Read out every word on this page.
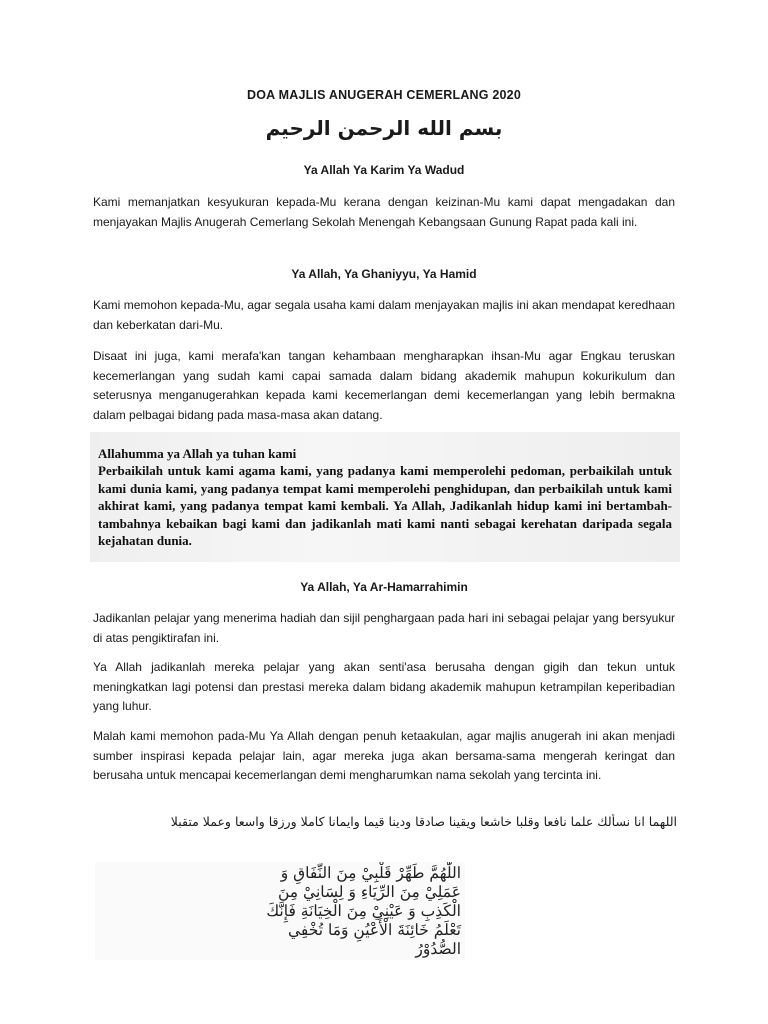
DOA MAJLIS ANUGERAH CEMERLANG 2020
بسم الله الرحمن الرحيم
Ya Allah Ya Karim Ya Wadud

Kami memanjatkan kesyukuran kepada-Mu kerana dengan keizinan-Mu kami dapat mengadakan dan menjayakan Majlis Anugerah Cemerlang Sekolah Menengah Kebangsaan Gunung Rapat pada kali ini.

Ya Allah, Ya Ghaniyyu, Ya Hamid

Kami memohon kepada-Mu, agar segala usaha kami dalam menjayakan majlis ini akan mendapat keredhaan dan keberkatan dari-Mu.

Disaat ini juga, kami merafa'kan tangan kehambaan mengharapkan ihsan-Mu agar Engkau teruskan kecemerlangan yang sudah kami capai samada dalam bidang akademik mahupun kokurikulum dan seterusnya menganugerahkan kepada kami kecemerlangan demi kecemerlangan yang lebih bermakna dalam pelbagai bidang pada masa-masa akan datang.

Allahumma ya Allah ya tuhan kami

Perbaikilah untuk kami agama kami, yang padanya kami memperolehi pedoman, perbaikilah untuk kami dunia kami, yang padanya tempat kami memperolehi penghidupan, dan perbaikilah untuk kami akhirat kami, yang padanya tempat kami kembali. Ya Allah, Jadikanlah hidup kami ini bertambah-tambahnya kebaikan bagi kami dan jadikanlah mati kami nanti sebagai kerehatan daripada segala kejahatan dunia.

Ya Allah, Ya Ar-Hamarrahimin

Jadikanlan pelajar yang menerima hadiah dan sijil penghargaan pada hari ini sebagai pelajar yang bersyukur di atas pengiktirafan ini.

Ya Allah jadikanlah mereka pelajar yang akan senti'asa berusaha dengan gigih dan tekun untuk meningkatkan lagi potensi dan prestasi mereka dalam bidang akademik mahupun ketrampilan keperibadian yang luhur.

Malah kami memohon pada-Mu Ya Allah dengan penuh ketaakulan, agar majlis anugerah ini akan menjadi sumber inspirasi kepada pelajar lain, agar mereka juga akan bersama-sama mengerah keringat dan berusaha untuk mencapai kecemerlangan demi mengharumkan nama sekolah yang tercinta ini.

اللهما انا نسألك علما نافعا وقلبا خاشعا ويقينا صادقا ودينا قيما وايمانا كاملا ورزقا واسعا وعملا متقبلا
اللّٰهُمَّ طَهِّرْ قَلْبِيْ مِنَ النِّفَاقِ وَ
عَمَلِيْ مِنَ الرِّيَاءِ وَ لِسَانِيْ مِنَ
الْكَذِبِ وَ عَيْنِيْ مِنَ الْخِيَانَةِ فَإِنَّكَ
تَعْلَمُ خَائِنَةَ الْأَعْيُنِ وَمَا تُخْفِي
الصُّدُوْرُ
